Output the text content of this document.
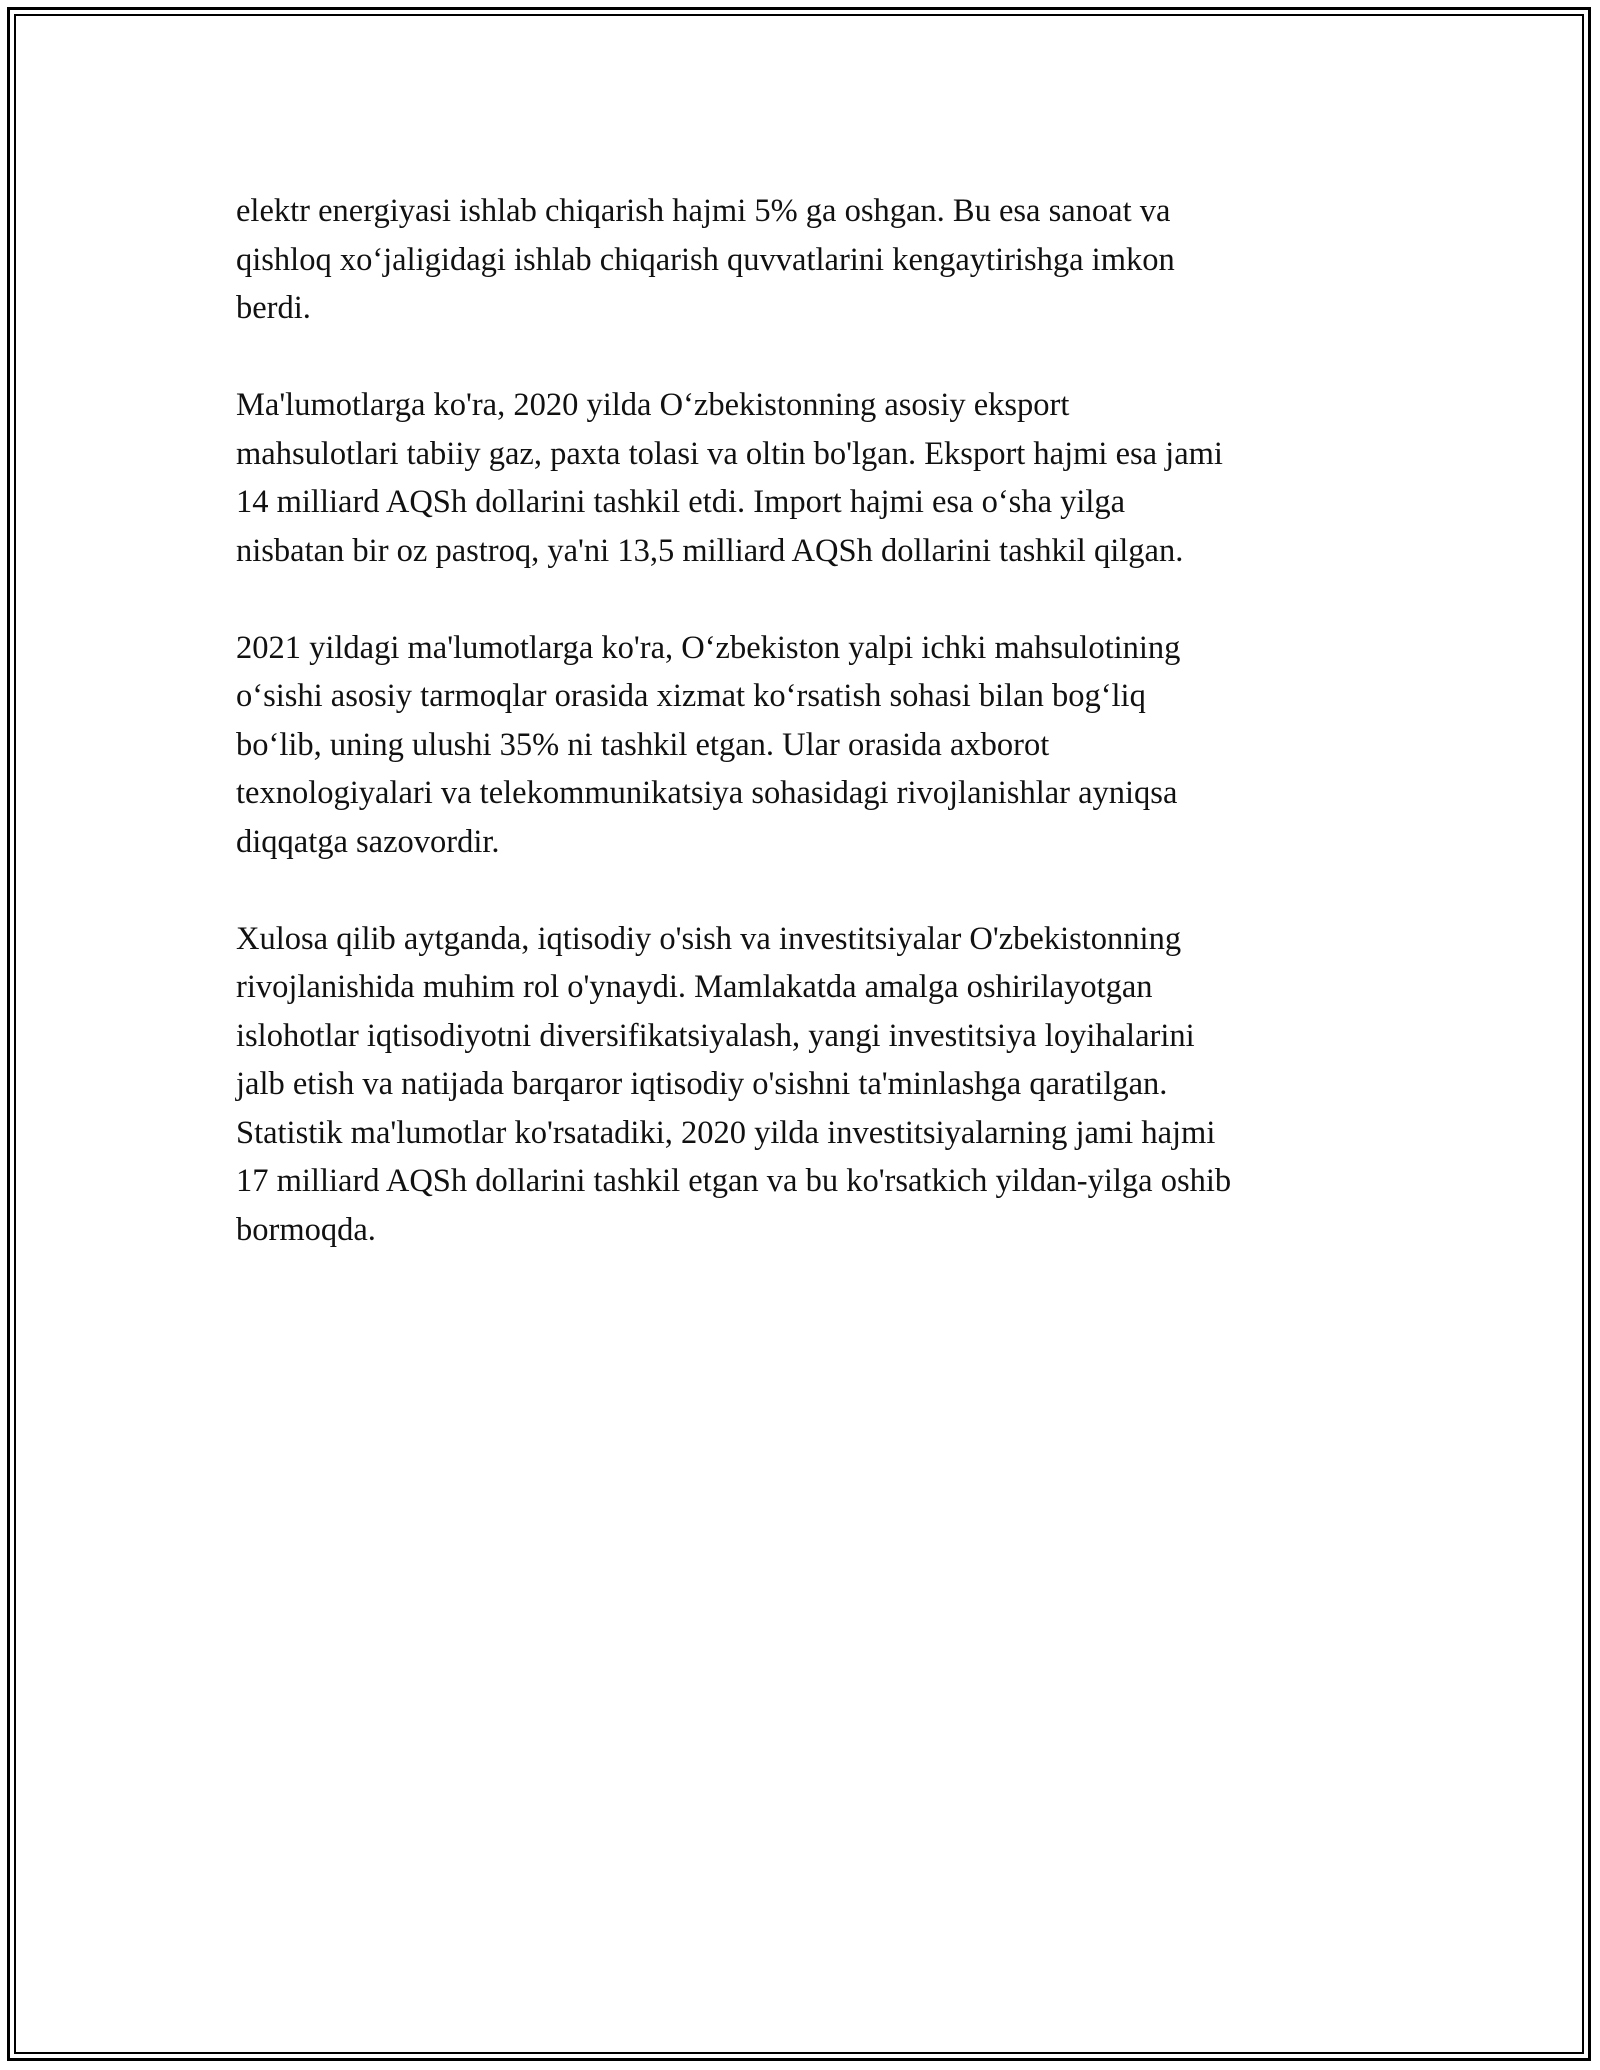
elektr energiyasi ishlab chiqarish hajmi 5% ga oshgan. Bu esa sanoat va
qishloq xo‘jaligidagi ishlab chiqarish quvvatlarini kengaytirishga imkon
berdi.

Ma'lumotlarga ko'ra, 2020 yilda O‘zbekistonning asosiy eksport
mahsulotlari tabiiy gaz, paxta tolasi va oltin bo'lgan. Eksport hajmi esa jami
14 milliard AQSh dollarini tashkil etdi. Import hajmi esa o‘sha yilga
nisbatan bir oz pastroq, ya'ni 13,5 milliard AQSh dollarini tashkil qilgan.

2021 yildagi ma'lumotlarga ko'ra, O‘zbekiston yalpi ichki mahsulotining
o‘sishi asosiy tarmoqlar orasida xizmat ko‘rsatish sohasi bilan bog‘liq
bo‘lib, uning ulushi 35% ni tashkil etgan. Ular orasida axborot
texnologiyalari va telekommunikatsiya sohasidagi rivojlanishlar ayniqsa
diqqatga sazovordir.

Xulosa qilib aytganda, iqtisodiy o'sish va investitsiyalar O'zbekistonning
rivojlanishida muhim rol o'ynaydi. Mamlakatda amalga oshirilayotgan
islohotlar iqtisodiyotni diversifikatsiyalash, yangi investitsiya loyihalarini
jalb etish va natijada barqaror iqtisodiy o'sishni ta'minlashga qaratilgan.
Statistik ma'lumotlar ko'rsatadiki, 2020 yilda investitsiyalarning jami hajmi
17 milliard AQSh dollarini tashkil etgan va bu ko'rsatkich yildan-yilga oshib
bormoqda.
